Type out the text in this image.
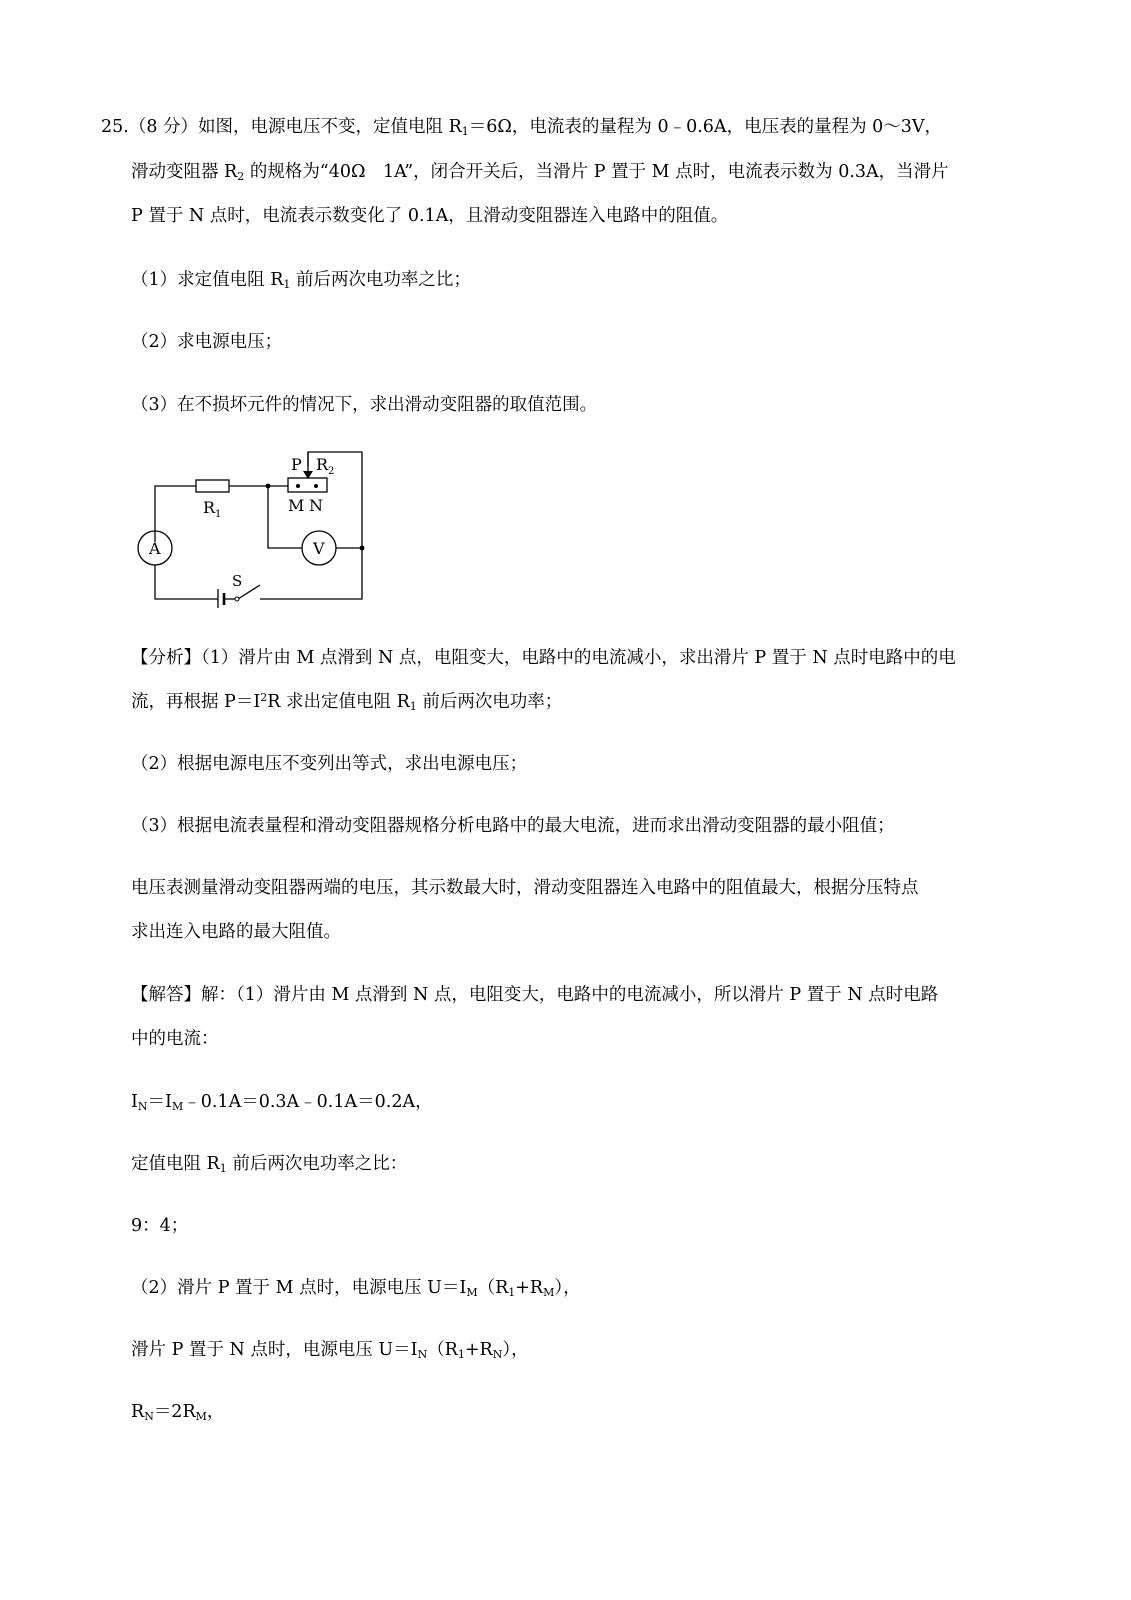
25.（8 分）如图，电源电压不变，定值电阻 $R_1=6\Omega$，电流表的量程为 0﹣0.6A，电压表的量程为 0～3V，
滑动变阻器 $R_2$ 的规格为“40Ω　1A”，闭合开关后，当滑片 P 置于 M 点时，电流表示数为 0.3A，当滑片
P 置于 N 点时，电流表示数变化了 0.1A，且滑动变阻器连入电路中的阻值。
（1）求定值电阻 $R_1$ 前后两次电功率之比；
（2）求电源电压；
（3）在不损坏元件的情况下，求出滑动变阻器的取值范围。
P $R_2$
M N
$R_1$
A	V
S
【分析】（1）滑片由 M 点滑到 N 点，电阻变大，电路中的电流减小，求出滑片 P 置于 N 点时电路中的电
流，再根据 $P=I^2R$ 求出定值电阻 $R_1$ 前后两次电功率；
（2）根据电源电压不变列出等式，求出电源电压；
（3）根据电流表量程和滑动变阻器规格分析电路中的最大电流，进而求出滑动变阻器的最小阻值；
电压表测量滑动变阻器两端的电压，其示数最大时，滑动变阻器连入电路中的阻值最大，根据分压特点
求出连入电路的最大阻值。
【解答】解：（1）滑片由 M 点滑到 N 点，电阻变大，电路中的电流减小，所以滑片 P 置于 N 点时电路
中的电流：
$I_N=I_M﹣0.1A=0.3A﹣0.1A=0.2A$，
定值电阻 $R_1$ 前后两次电功率之比：
9：4；
（2）滑片 P 置于 M 点时，电源电压 $U=I_M(R_1+R_M)$，
滑片 P 置于 N 点时，电源电压 $U=I_N(R_1+R_N)$，
$R_N=2R_M$，
